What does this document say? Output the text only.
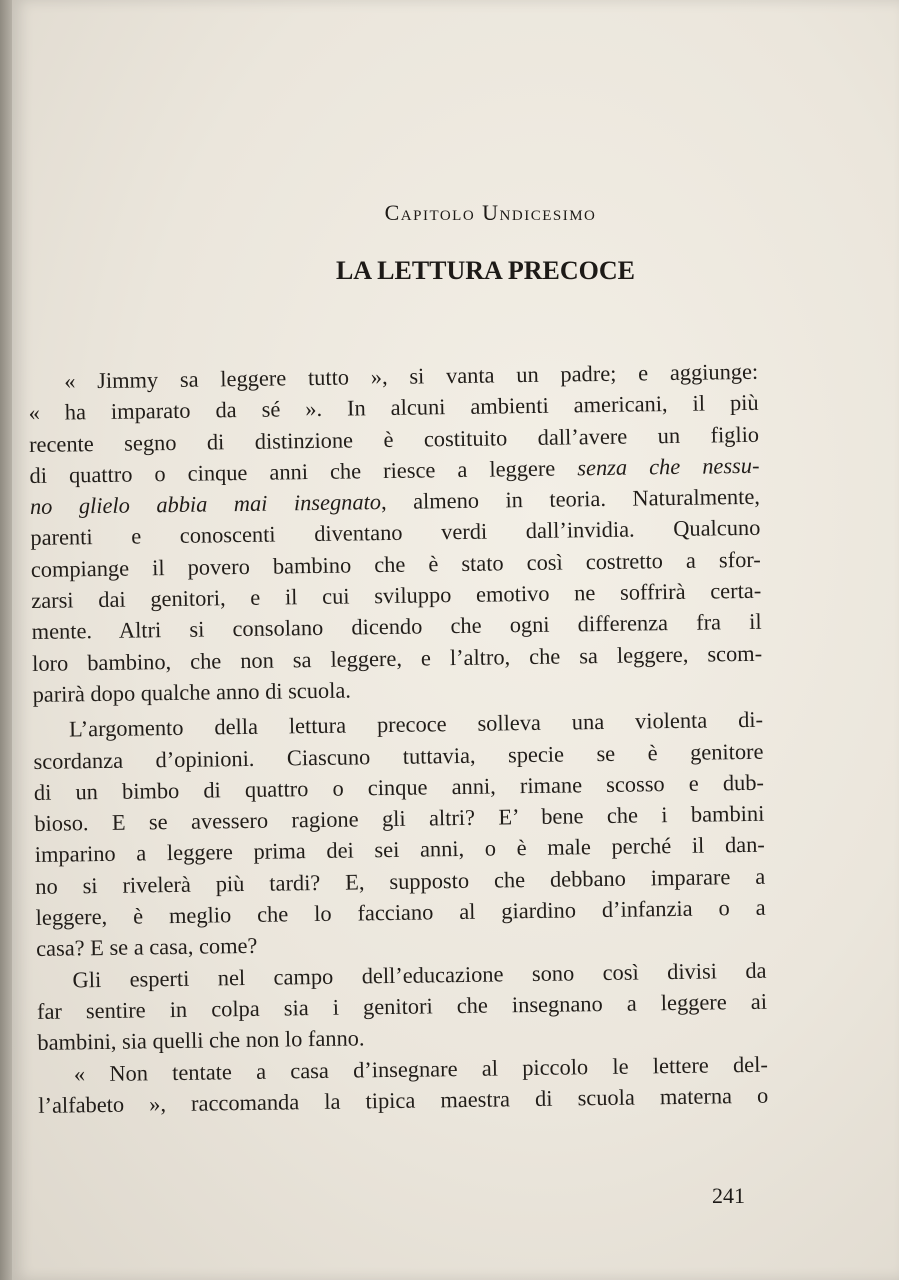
Capitolo Undicesimo
LA LETTURA PRECOCE

« Jimmy sa leggere tutto », si vanta un padre; e aggiunge:

« ha imparato da sé ». In alcuni ambienti americani, il più
recente segno di distinzione è costituito dall’avere un figlio
di quattro o cinque anni che riesce a leggere senza che nessu-
no glielo abbia mai insegnato, almeno in teoria. Naturalmente,
parenti e conoscenti diventano verdi dall’invidia. Qualcuno
compiange il povero bambino che è stato così costretto a sfor-
zarsi dai genitori, e il cui sviluppo emotivo ne soffrirà certa-
mente. Altri si consolano dicendo che ogni differenza fra il
loro bambino, che non sa leggere, e l’altro, che sa leggere, scom-
parirà dopo qualche anno di scuola.

L’argomento della lettura precoce solleva una violenta di-
scordanza d’opinioni. Ciascuno tuttavia, specie se è genitore
di un bimbo di quattro o cinque anni, rimane scosso e dub-
bioso. E se avessero ragione gli altri? E’ bene che i bambini
imparino a leggere prima dei sei anni, o è male perché il dan-
no si rivelerà più tardi? E, supposto che debbano imparare a
leggere, è meglio che lo facciano al giardino d’infanzia o a
casa? E se a casa, come?

Gli esperti nel campo dell’educazione sono così divisi da
far sentire in colpa sia i genitori che insegnano a leggere ai
bambini, sia quelli che non lo fanno.

« Non tentate a casa d’insegnare al piccolo le lettere del-
l’alfabeto », raccomanda la tipica maestra di scuola materna o

241
